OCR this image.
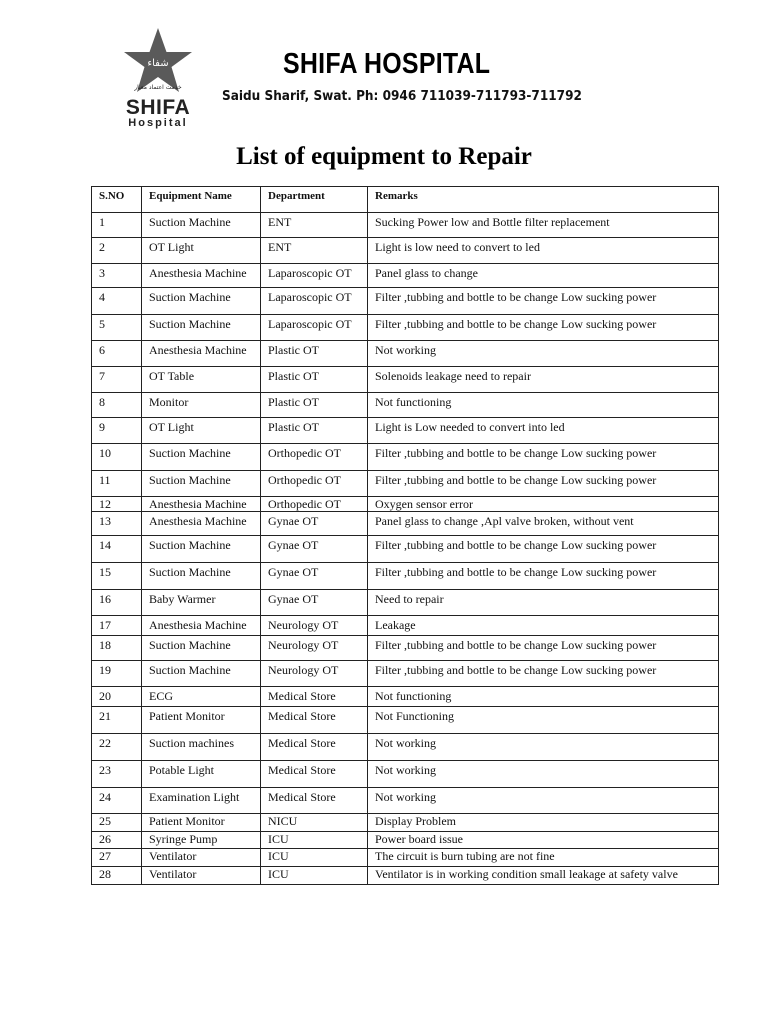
شفاء
خدمت اعتماد معیار
SHIFA
Hospital
SHIFA HOSPITAL
Saidu Sharif, Swat. Ph: 0946 711039-711793-711792
List of equipment to Repair
S.NO	Equipment Name	Department	Remarks
1	Suction Machine	ENT	Sucking Power low and Bottle filter replacement
2	OT Light	ENT	Light is low need to convert to led
3	Anesthesia Machine	Laparoscopic OT	Panel glass to change
4	Suction Machine	Laparoscopic OT	Filter ,tubbing and bottle to be change Low sucking power
5	Suction Machine	Laparoscopic OT	Filter ,tubbing and bottle to be change Low sucking power
6	Anesthesia Machine	Plastic OT	Not working
7	OT Table	Plastic OT	Solenoids leakage need to repair
8	Monitor	Plastic OT	Not functioning
9	OT Light	Plastic OT	Light is Low needed to convert into led
10	Suction Machine	Orthopedic OT	Filter ,tubbing and bottle to be change Low sucking power
11	Suction Machine	Orthopedic OT	Filter ,tubbing and bottle to be change Low sucking power
12	Anesthesia Machine	Orthopedic OT	Oxygen sensor error
13	Anesthesia Machine	Gynae OT	Panel glass to change ,Apl valve broken, without vent
14	Suction Machine	Gynae OT	Filter ,tubbing and bottle to be change Low sucking power
15	Suction Machine	Gynae OT	Filter ,tubbing and bottle to be change Low sucking power
16	Baby Warmer	Gynae OT	Need to repair
17	Anesthesia Machine	Neurology OT	Leakage
18	Suction Machine	Neurology OT	Filter ,tubbing and bottle to be change Low sucking power
19	Suction Machine	Neurology OT	Filter ,tubbing and bottle to be change Low sucking power
20	ECG	Medical Store	Not functioning
21	Patient Monitor	Medical Store	Not Functioning
22	Suction machines	Medical Store	Not working
23	Potable Light	Medical Store	Not working
24	Examination Light	Medical Store	Not working
25	Patient Monitor	NICU	Display Problem
26	Syringe Pump	ICU	Power board issue
27	Ventilator	ICU	The circuit is burn tubing are not fine
28	Ventilator	ICU	Ventilator is in working condition small leakage at safety valve
